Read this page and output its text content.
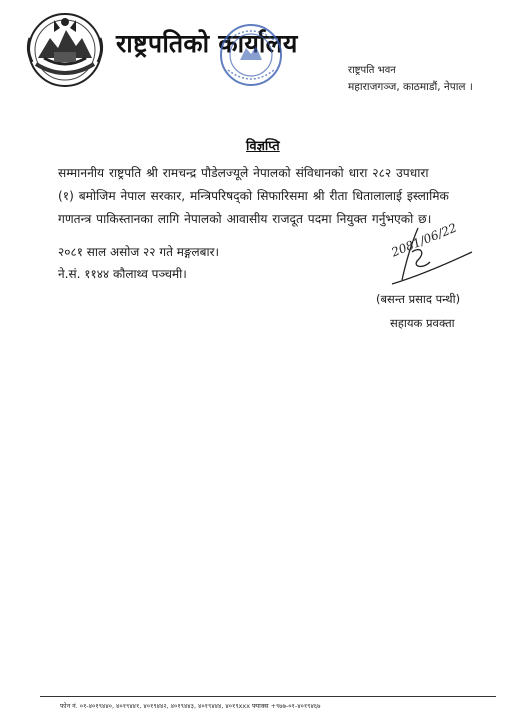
राष्ट्रपतिको कार्यालय
राष्ट्रपति भवन
महाराजगञ्ज, काठमाडौं, नेपाल ।
विज्ञप्ति
सम्माननीय राष्ट्रपति श्री रामचन्द्र पौडेलज्यूले नेपालको संविधानको धारा २८२ उपधारा
(१) बमोजिम नेपाल सरकार, मन्त्रिपरिषद्को सिफारिसमा श्री रीता धितालालाई इस्लामिक
गणतन्त्र पाकिस्तानका लागि नेपालको आवासीय राजदूत पदमा नियुक्त गर्नुभएको छ।
२०८१ साल असोज २२ गते मङ्गलबार।
ने.सं. ११४४ कौलाथ्व पञ्चमी।
2081/06/22
(बसन्त प्रसाद पन्थी)
सहायक प्रवक्ता
फोन नं. ०१-४०१९४४०, ४०१९४४१, ४०१९४४२, ४०१९४४३, ४०१९४४४, ४०१९xxx फ्याक्स +९७७-०१-४०१९४६७
